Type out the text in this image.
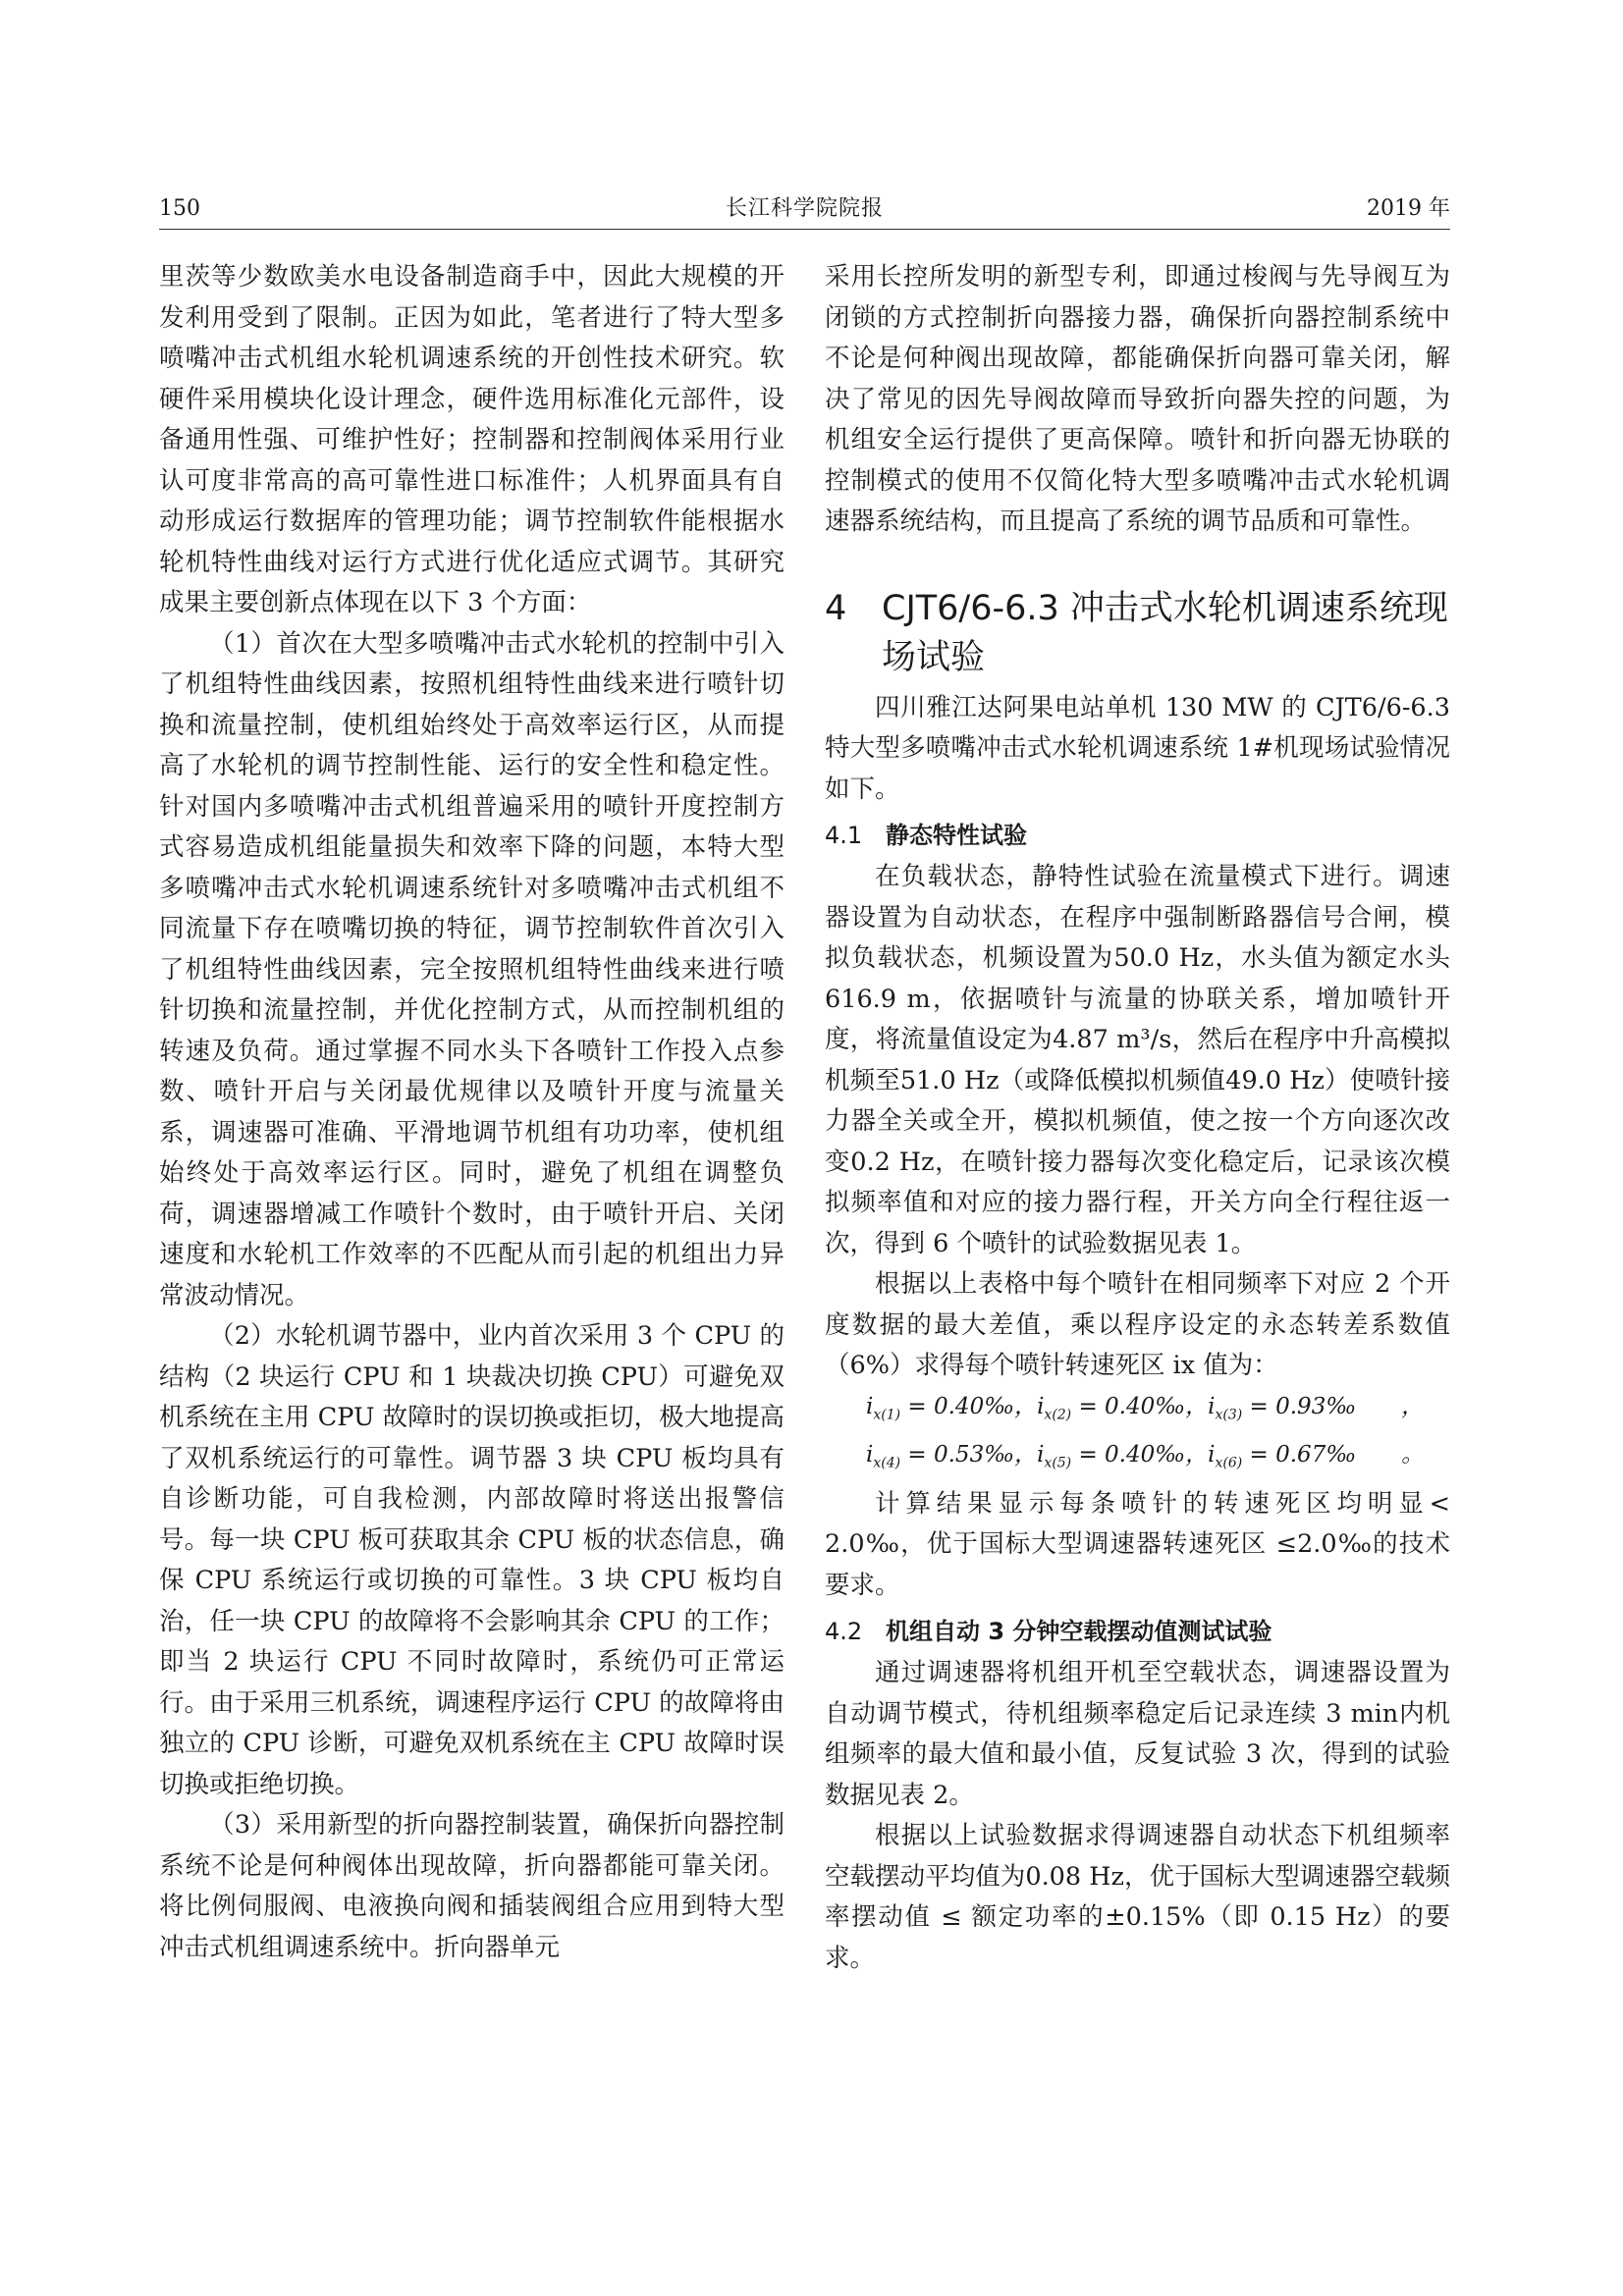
150	长江科学院院报	2019 年

里茨等少数欧美水电设备制造商手中，因此大规模的开发利用受到了限制。正因为如此，笔者进行了特大型多喷嘴冲击式机组水轮机调速系统的开创性技术研究。软硬件采用模块化设计理念，硬件选用标准化元部件，设备通用性强、可维护性好；控制器和控制阀体采用行业认可度非常高的高可靠性进口标准件；人机界面具有自动形成运行数据库的管理功能；调节控制软件能根据水轮机特性曲线对运行方式进行优化适应式调节。其研究成果主要创新点体现在以下 3 个方面：

（1）首次在大型多喷嘴冲击式水轮机的控制中引入了机组特性曲线因素，按照机组特性曲线来进行喷针切换和流量控制，使机组始终处于高效率运行区，从而提高了水轮机的调节控制性能、运行的安全性和稳定性。针对国内多喷嘴冲击式机组普遍采用的喷针开度控制方式容易造成机组能量损失和效率下降的问题，本特大型多喷嘴冲击式水轮机调速系统针对多喷嘴冲击式机组不同流量下存在喷嘴切换的特征，调节控制软件首次引入了机组特性曲线因素，完全按照机组特性曲线来进行喷针切换和流量控制，并优化控制方式，从而控制机组的转速及负荷。通过掌握不同水头下各喷针工作投入点参数、喷针开启与关闭最优规律以及喷针开度与流量关系，调速器可准确、平滑地调节机组有功功率，使机组始终处于高效率运行区。同时，避免了机组在调整负荷，调速器增减工作喷针个数时，由于喷针开启、关闭速度和水轮机工作效率的不匹配从而引起的机组出力异常波动情况。

（2）水轮机调节器中，业内首次采用 3 个 CPU 的结构（2 块运行 CPU 和 1 块裁决切换 CPU）可避免双机系统在主用 CPU 故障时的误切换或拒切，极大地提高了双机系统运行的可靠性。调节器 3 块 CPU 板均具有自诊断功能，可自我检测，内部故障时将送出报警信号。每一块 CPU 板可获取其余 CPU 板的状态信息，确保 CPU 系统运行或切换的可靠性。3 块 CPU 板均自治，任一块 CPU 的故障将不会影响其余 CPU 的工作；即当 2 块运行 CPU 不同时故障时，系统仍可正常运行。由于采用三机系统，调速程序运行 CPU 的故障将由独立的 CPU 诊断，可避免双机系统在主 CPU 故障时误切换或拒绝切换。

（3）采用新型的折向器控制装置，确保折向器控制系统不论是何种阀体出现故障，折向器都能可靠关闭。将比例伺服阀、电液换向阀和插装阀组合应用到特大型冲击式机组调速系统中。折向器单元

采用长控所发明的新型专利，即通过梭阀与先导阀互为闭锁的方式控制折向器接力器，确保折向器控制系统中不论是何种阀出现故障，都能确保折向器可靠关闭，解决了常见的因先导阀故障而导致折向器失控的问题，为机组安全运行提供了更高保障。喷针和折向器无协联的控制模式的使用不仅简化特大型多喷嘴冲击式水轮机调速器系统结构，而且提高了系统的调节品质和可靠性。

4 CJT6/6-6.3 冲击式水轮机调速系统现场试验

四川雅江达阿果电站单机 130 MW 的 CJT6/6-6.3 特大型多喷嘴冲击式水轮机调速系统 1#机现场试验情况如下。

4.1 静态特性试验

在负载状态，静特性试验在流量模式下进行。调速器设置为自动状态，在程序中强制断路器信号合闸，模拟负载状态，机频设置为50.0 Hz，水头值为额定水头616.9 m，依据喷针与流量的协联关系，增加喷针开度，将流量值设定为4.87 m³/s，然后在程序中升高模拟机频至51.0 Hz（或降低模拟机频值49.0 Hz）使喷针接力器全关或全开，模拟机频值，使之按一个方向逐次改变0.2 Hz，在喷针接力器每次变化稳定后，记录该次模拟频率值和对应的接力器行程，开关方向全行程往返一次，得到 6 个喷针的试验数据见表 1。

根据以上表格中每个喷针在相同频率下对应 2 个开度数据的最大差值，乘以程序设定的永态转差系数值（6%）求得每个喷针转速死区 ix 值为：

$i_{x(1)}$ = 0.40‰，$i_{x(2)}$ = 0.40‰，$i_{x(3)}$ = 0.93‰　　，
$i_{x(4)}$ = 0.53‰，$i_{x(5)}$ = 0.40‰，$i_{x(6)}$ = 0.67‰　　。

计算结果显示每条喷针的转速死区均明显< 2.0‰，优于国标大型调速器转速死区 ≤2.0‰的技术要求。

4.2 机组自动 3 分钟空载摆动值测试试验

通过调速器将机组开机至空载状态，调速器设置为自动调节模式，待机组频率稳定后记录连续 3 min内机组频率的最大值和最小值，反复试验 3 次，得到的试验数据见表 2。

根据以上试验数据求得调速器自动状态下机组频率空载摆动平均值为0.08 Hz，优于国标大型调速器空载频率摆动值 ≤ 额定功率的±0.15%（即 0.15 Hz）的要求。
